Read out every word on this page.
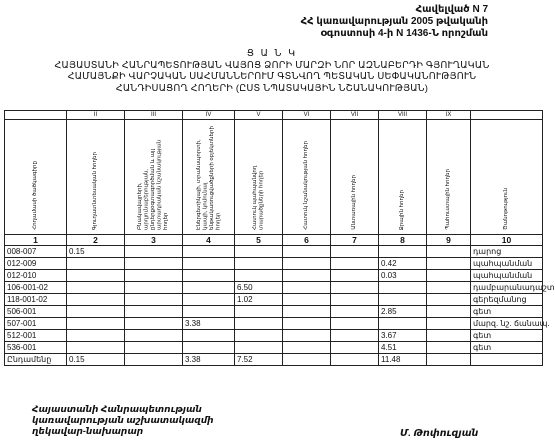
Հավելված N 7
ՀՀ կառավարության 2005 թվականի
օգոստոսի 4-ի N 1436-Ն որոշման
Ց Ա Ն Կ
ՀԱՅԱՍՏԱՆԻ ՀԱՆՐԱՊԵՏՈՒԹՅԱՆ ՎԱՅՈՑ ՁՈՐԻ ՄԱՐԶԻ ՆՈՐ ԱԶՆԱԲԵՐԴԻ ԳՅՈՒՂԱԿԱՆ
ՀԱՄԱՅՆՔԻ ՎԱՐՉԱԿԱՆ ՍԱՀՄԱՆՆԵՐՈՒՄ ԳՏՆՎՈՂ ՊԵՏԱԿԱՆ ՍԵՓԱԿԱՆՈՒԹՅՈՒՆ
ՀԱՆԴԻՍԱՑՈՂ ՀՈՂԵՐԻ (ԸՍՏ ՆՊԱՏԱԿԱՅԻՆ ՆՇԱՆԱԿՈՒԹՅԱՆ)
	II	III	IV	V	VI	VII	VIII	IX	
Հողամասի ծածկագիրը	Գյուղատնտեսական հողեր	Բնակավայրերի, արդյունաբերության, ընդերքօգտագործման և այլ արտադրական նշանակության հողեր	Էներգետիկայի, տրանսպորտի, կապի, կոմունալ ենթակառուցվածքների օբյեկտների հողեր	Հատուկ պահպանվող տարածքների հողեր	Հատուկ նշանակության հողեր	Անտառային հողեր	Ջրային հողեր	Պահուստային հողեր	Ծանոթություն
1	2	3	4	5	6	7	8	9	10
008-007	0.15								դարոց
012-009							0.42		պահպանման
012-010							0.03		պահպանման
106-001-02				6.50					դամբարանադաշտ
118-001-02				1.02					գերեզմանոց
506-001							2.85		գետ
507-001			3.38						մարզ. նշ. ճանապ.
512-001							3.67		գետ
536-001							4.51		գետ
Ընդամենը	0.15		3.38	7.52			11.48		
Հայաստանի Հանրապետության
կառավարության աշխատակազմի
ղեկավար-նախարար	Մ. Թոփուզյան
